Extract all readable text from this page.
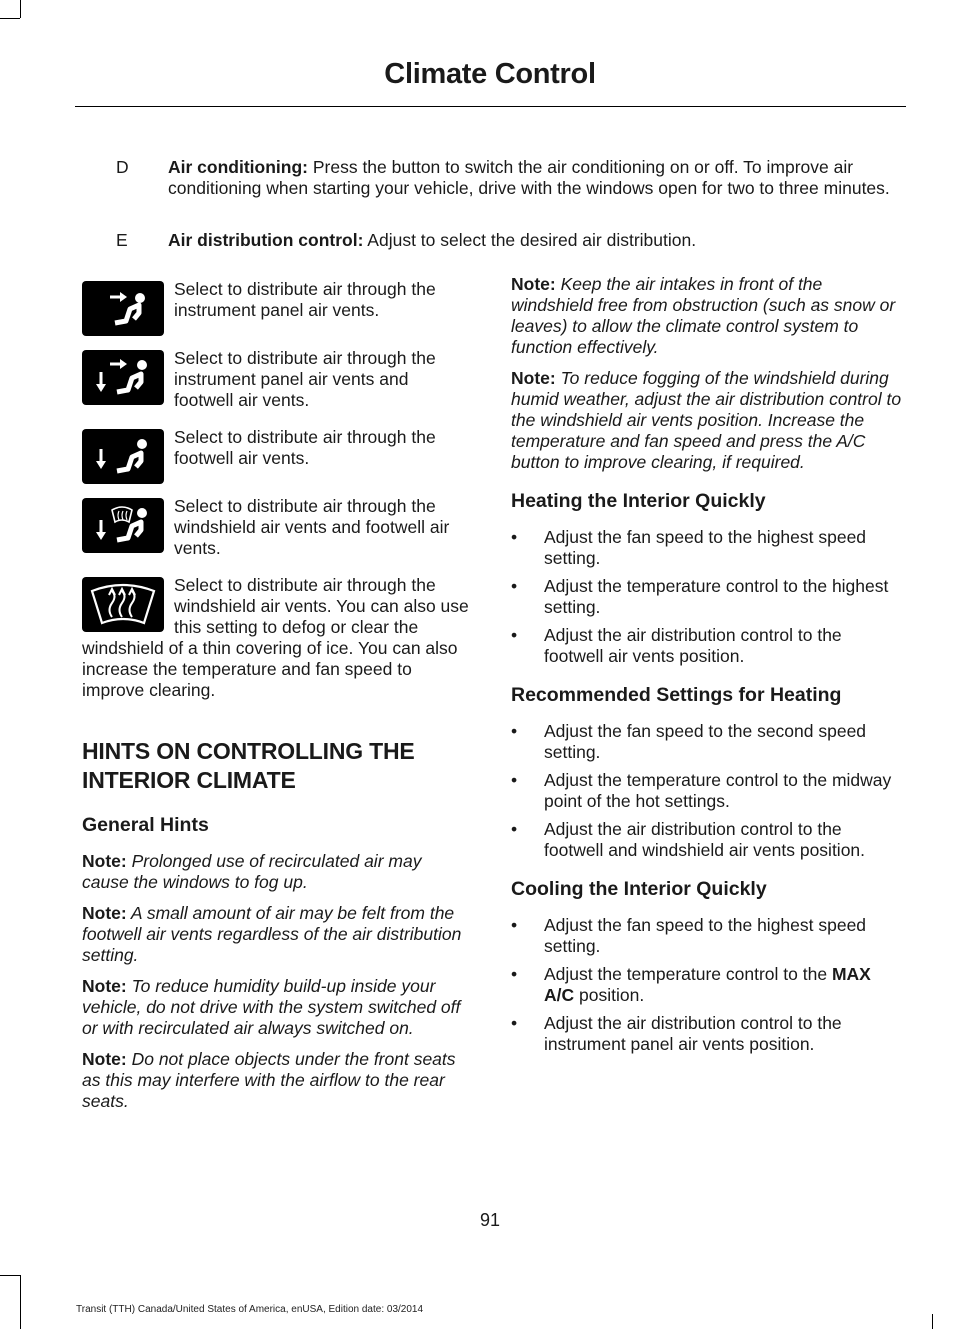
Climate Control
D Air conditioning: Press the button to switch the air conditioning on or off. To improve air conditioning when starting your vehicle, drive with the windows open for two to three minutes.
E Air distribution control: Adjust to select the desired air distribution.
Select to distribute air through the instrument panel air vents.
Select to distribute air through the instrument panel air vents and footwell air vents.
Select to distribute air through the footwell air vents.
Select to distribute air through the windshield air vents and footwell air vents.
Select to distribute air through the windshield air vents. You can also use this setting to defog or clear the windshield of a thin covering of ice. You can also increase the temperature and fan speed to improve clearing.
HINTS ON CONTROLLING THE INTERIOR CLIMATE
General Hints

Note: Prolonged use of recirculated air may cause the windows to fog up.

Note: A small amount of air may be felt from the footwell air vents regardless of the air distribution setting.

Note: To reduce humidity build-up inside your vehicle, do not drive with the system switched off or with recirculated air always switched on.

Note: Do not place objects under the front seats as this may interfere with the airflow to the rear seats.

Note: Keep the air intakes in front of the windshield free from obstruction (such as snow or leaves) to allow the climate control system to function effectively.

Note: To reduce fogging of the windshield during humid weather, adjust the air distribution control to the windshield air vents position. Increase the temperature and fan speed and press the A/C button to improve clearing, if required.

Heating the Interior Quickly
• Adjust the fan speed to the highest speed setting.
• Adjust the temperature control to the highest setting.
• Adjust the air distribution control to the footwell air vents position.
Recommended Settings for Heating
• Adjust the fan speed to the second speed setting.
• Adjust the temperature control to the midway point of the hot settings.
• Adjust the air distribution control to the footwell and windshield air vents position.
Cooling the Interior Quickly
• Adjust the fan speed to the highest speed setting.
• Adjust the temperature control to the MAX A/C position.
• Adjust the air distribution control to the instrument panel air vents position.
91
Transit (TTH) Canada/United States of America, enUSA, Edition date: 03/2014
